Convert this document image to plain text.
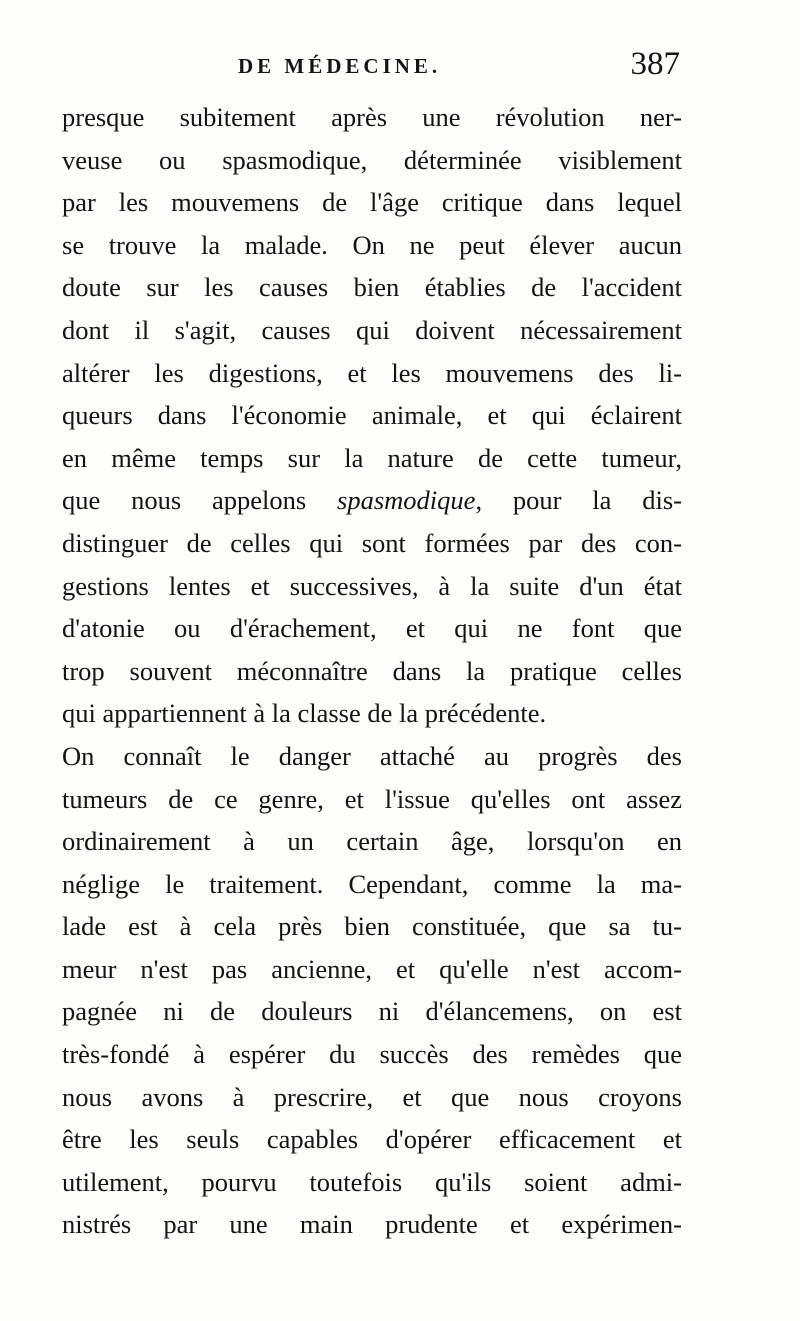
DE MÉDECINE.	387
presque subitement après une révolution ner-
veuse ou spasmodique, déterminée visiblement
par les mouvemens de l'âge critique dans lequel
se trouve la malade. On ne peut élever aucun
doute sur les causes bien établies de l'accident
dont il s'agit, causes qui doivent nécessairement
altérer les digestions, et les mouvemens des li-
queurs dans l'économie animale, et qui éclairent
en même temps sur la nature de cette tumeur,
que nous appelons spasmodique, pour la dis-
distinguer de celles qui sont formées par des con-
gestions lentes et successives, à la suite d'un état
d'atonie ou d'érachement, et qui ne font que
trop souvent méconnaître dans la pratique celles
qui appartiennent à la classe de la précédente.
On connaît le danger attaché au progrès des
tumeurs de ce genre, et l'issue qu'elles ont assez
ordinairement à un certain âge, lorsqu'on en
néglige le traitement. Cependant, comme la ma-
lade est à cela près bien constituée, que sa tu-
meur n'est pas ancienne, et qu'elle n'est accom-
pagnée ni de douleurs ni d'élancemens, on est
très-fondé à espérer du succès des remèdes que
nous avons à prescrire, et que nous croyons
être les seuls capables d'opérer efficacement et
utilement, pourvu toutefois qu'ils soient admi-
nistrés par une main prudente et expérimen-
